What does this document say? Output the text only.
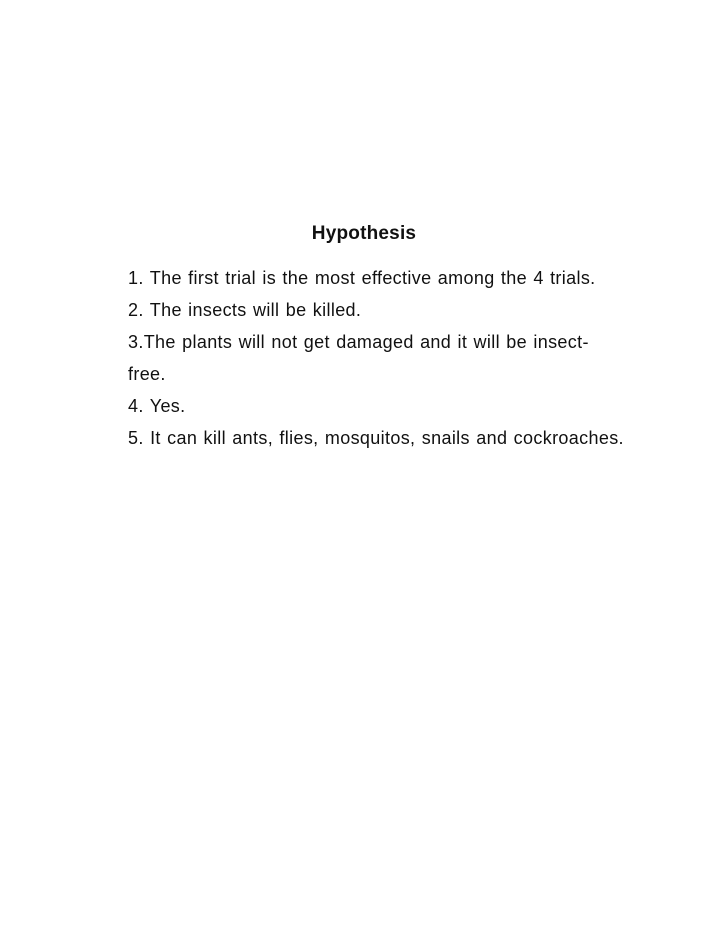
Hypothesis
1. The first trial is the most effective among the 4 trials.
2. The insects will be killed.
3.The plants will not get damaged and it will be insect-
free.
4. Yes.
5. It can kill ants, flies, mosquitos, snails and cockroaches.
